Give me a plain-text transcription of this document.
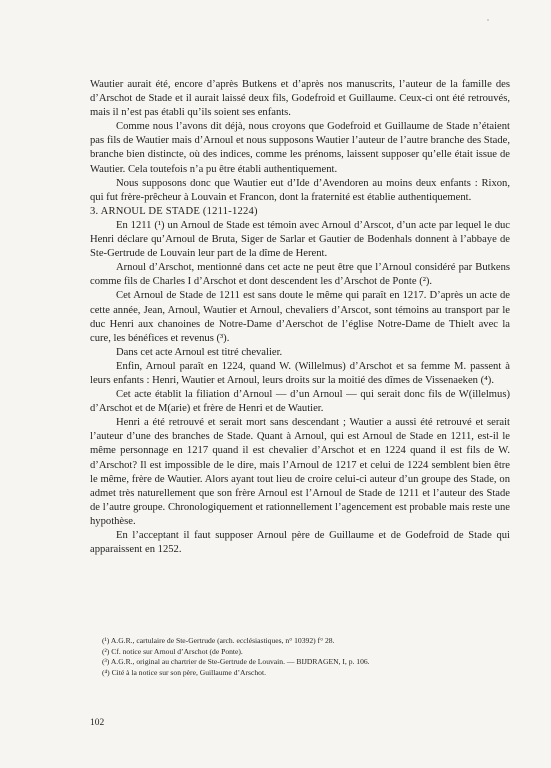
Wautier aurait été, encore d’après Butkens et d’après nos manuscrits, l’auteur de la famille des d’Arschot de Stade et il aurait laissé deux fils, Godefroid et Guillaume. Ceux-ci ont été retrouvés, mais il n’est pas établi qu’ils soient ses enfants.

Comme nous l’avons dit déjà, nous croyons que Godefroid et Guillaume de Stade n’étaient pas fils de Wautier mais d’Arnoul et nous supposons Wautier l’auteur de l’autre branche des Stade, branche bien distincte, où des indices, comme les prénoms, laissent supposer qu’elle était issue de Wautier. Cela toutefois n’a pu être établi authentiquement.

Nous supposons donc que Wautier eut d’Ide d’Avendoren au moins deux enfants : Rixon, qui fut frère-prêcheur à Louvain et Francon, dont la fraternité est établie authentiquement.

3. ARNOUL DE STADE (1211-1224)

En 1211 (¹) un Arnoul de Stade est témoin avec Arnoul d’Arscot, d’un acte par lequel le duc Henri déclare qu’Arnoul de Bruta, Siger de Sarlar et Gautier de Bodenhals donnent à l’abbaye de Ste-Gertrude de Louvain leur part de la dîme de Herent.

Arnoul d’Arschot, mentionné dans cet acte ne peut être que l’Arnoul considéré par Butkens comme fils de Charles I d’Arschot et dont descendent les d’Arschot de Ponte (²).

Cet Arnoul de Stade de 1211 est sans doute le même qui paraît en 1217. D’après un acte de cette année, Jean, Arnoul, Wautier et Arnoul, chevaliers d’Arscot, sont témoins au transport par le duc Henri aux chanoines de Notre-Dame d’Aerschot de l’église Notre-Dame de Thielt avec la cure, les bénéfices et revenus (³).

Dans cet acte Arnoul est titré chevalier.

Enfin, Arnoul paraît en 1224, quand W. (Willelmus) d’Arschot et sa femme M. passent à leurs enfants : Henri, Wautier et Arnoul, leurs droits sur la moitié des dîmes de Vissenaeken (⁴).

Cet acte établit la filiation d’Arnoul — d’un Arnoul — qui serait donc fils de W(illelmus) d’Arschot et de M(arie) et frère de Henri et de Wautier.

Henri a été retrouvé et serait mort sans descendant ; Wautier a aussi été retrouvé et serait l’auteur d’une des branches de Stade. Quant à Arnoul, qui est Arnoul de Stade en 1211, est-il le même personnage en 1217 quand il est chevalier d’Arschot et en 1224 quand il est fils de W. d’Arschot? Il est impossible de le dire, mais l’Arnoul de 1217 et celui de 1224 semblent bien être le même, frère de Wautier. Alors ayant tout lieu de croire celui-ci auteur d’un groupe des Stade, on admet très naturellement que son frère Arnoul est l’Arnoul de Stade de 1211 et l’auteur des Stade de l’autre groupe. Chronologiquement et rationnellement l’agencement est probable mais reste une hypothèse.

En l’acceptant il faut supposer Arnoul père de Guillaume et de Godefroid de Stade qui apparaissent en 1252.

(¹) A.G.R., cartulaire de Ste-Gertrude (arch. ecclésiastiques, n° 10392) f° 28.
(²) Cf. notice sur Arnoul d’Arschot (de Ponte).
(³) A.G.R., original au chartrier de Ste-Gertrude de Louvain. — BIJDRAGEN, I, p. 106.
(⁴) Cité à la notice sur son père, Guillaume d’Arschot.
102
